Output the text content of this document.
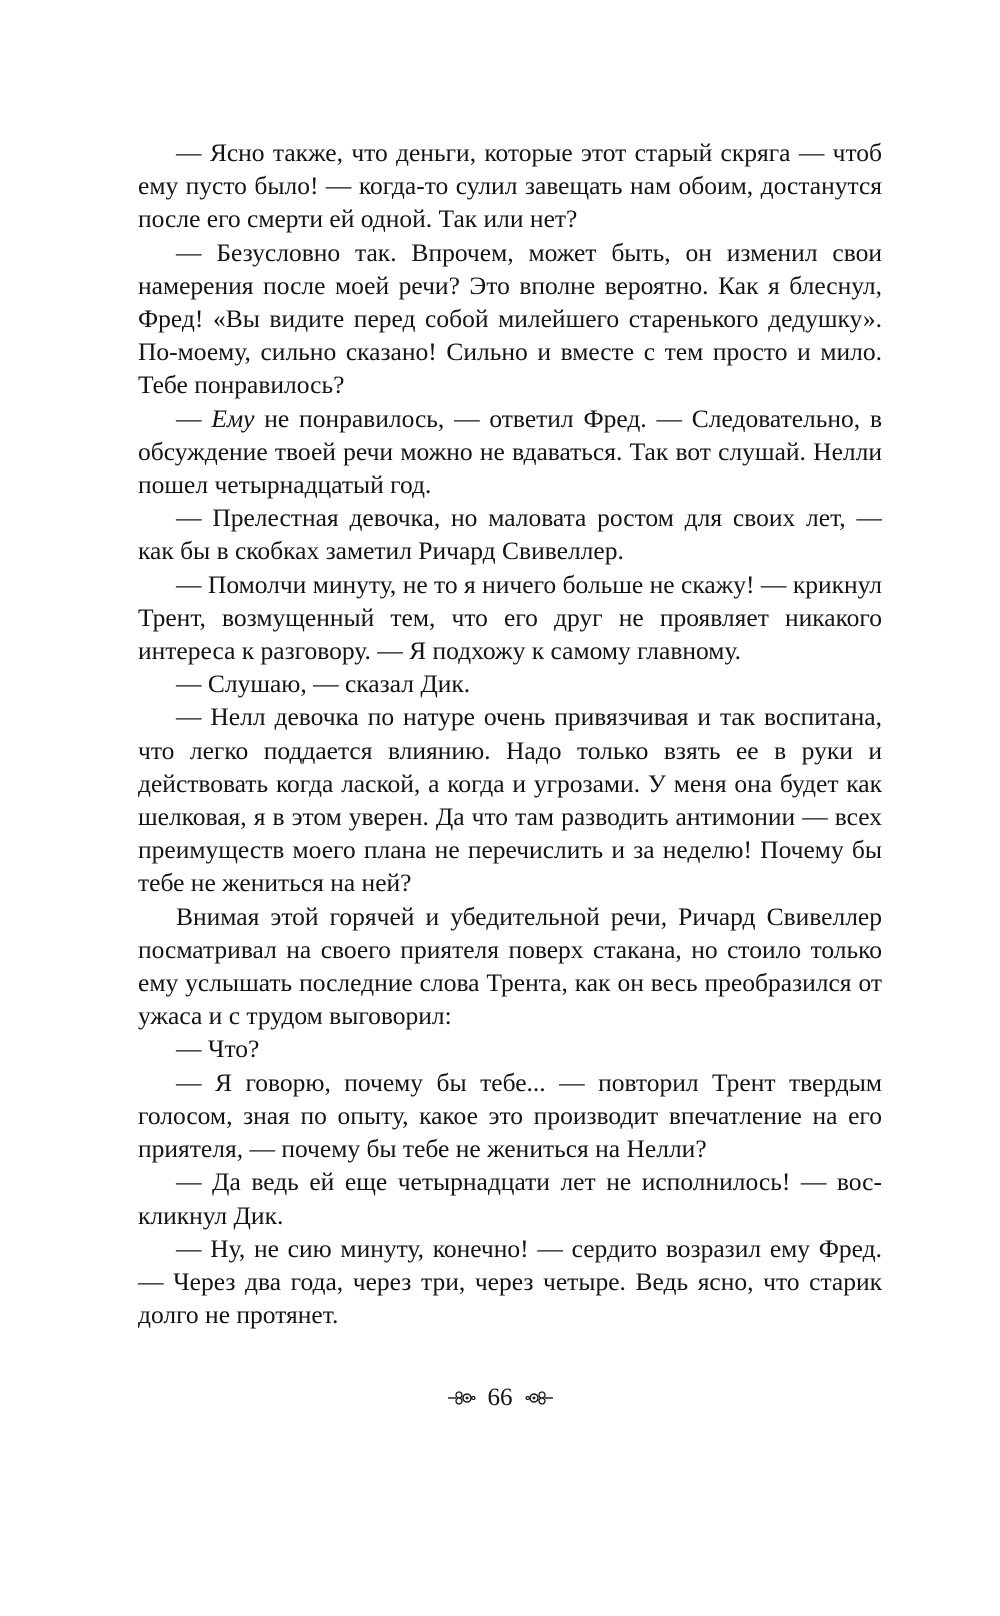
— Ясно также, что деньги, которые этот старый скряга — чтоб ему пусто было! — когда-то сулил завещать нам обоим, достанутся после его смерти ей одной. Так или нет?

— Безусловно так. Впрочем, может быть, он изменил свои намерения после моей речи? Это вполне вероятно. Как я блеснул, Фред! «Вы видите перед собой милейшего старенького дедушку». По-моему, сильно сказано! Сильно и вместе с тем просто и мило. Тебе понравилось?

— Ему не понравилось, — ответил Фред. — Следовательно, в обсуждение твоей речи можно не вдаваться. Так вот слушай. Нелли пошел четырнадцатый год.

— Прелестная девочка, но маловата ростом для своих лет, — как бы в скобках заметил Ричард Свивеллер.

— Помолчи минуту, не то я ничего больше не скажу! — крикнул Трент, возмущенный тем, что его друг не проявляет никакого интереса к разговору. — Я подхожу к самому главному.

— Слушаю, — сказал Дик.

— Нелл девочка по натуре очень привязчивая и так воспитана, что легко поддается влиянию. Надо только взять ее в руки и действовать когда лаской, а когда и угрозами. У меня она будет как шелковая, я в этом уверен. Да что там разводить антимонии — всех преимуществ моего плана не перечислить и за неделю! Почему бы тебе не жениться на ней?

Внимая этой горячей и убедительной речи, Ричард Свивеллер посматривал на своего приятеля поверх стакана, но стоило только ему услышать последние слова Трента, как он весь преобразился от ужаса и с трудом выговорил:

— Что?

— Я говорю, почему бы тебе... — повторил Трент твердым голосом, зная по опыту, какое это производит впечатление на его приятеля, — почему бы тебе не жениться на Нелли?

— Да ведь ей еще четырнадцати лет не исполнилось! — воскликнул Дик.

— Ну, не сию минуту, конечно! — сердито возразил ему Фред. — Через два года, через три, через четыре. Ведь ясно, что старик долго не протянет.

66
